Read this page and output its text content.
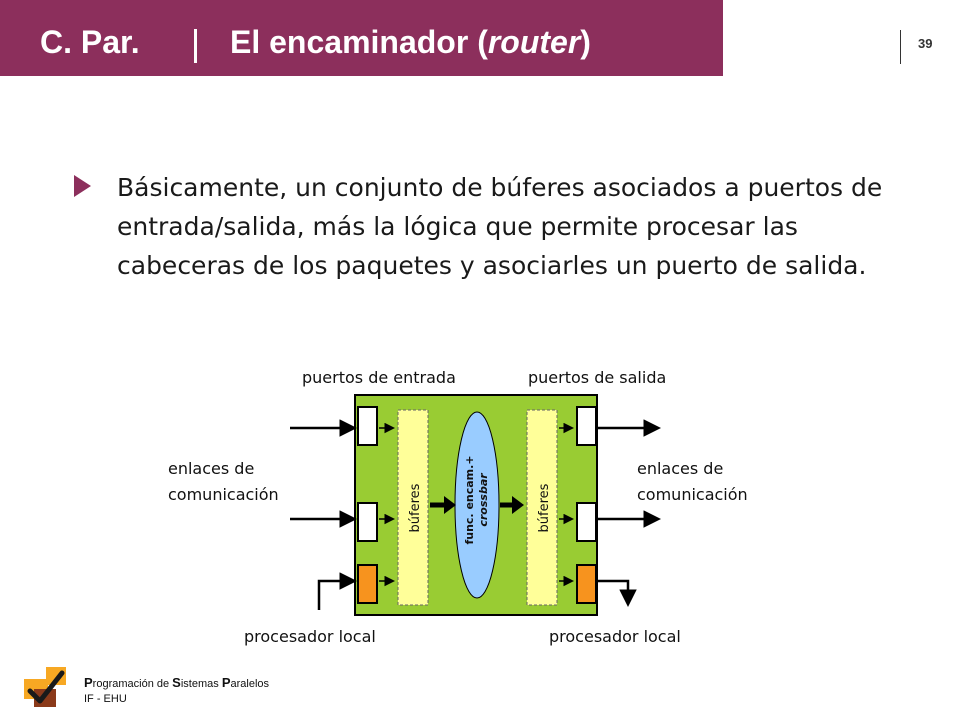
C. Par.	El encaminador (router)	39
Básicamente, un conjunto de búferes asociados a puertos de entrada/salida, más la lógica que permite procesar las cabeceras de los paquetes y asociarles un puerto de salida.
búferes	búferes
func. encam.+ crossbar
puertos de entrada	puertos de salida
enlaces de
comunicación
enlaces de
comunicación
procesador local	procesador local
Programación de Sistemas Paralelos
IF - EHU
